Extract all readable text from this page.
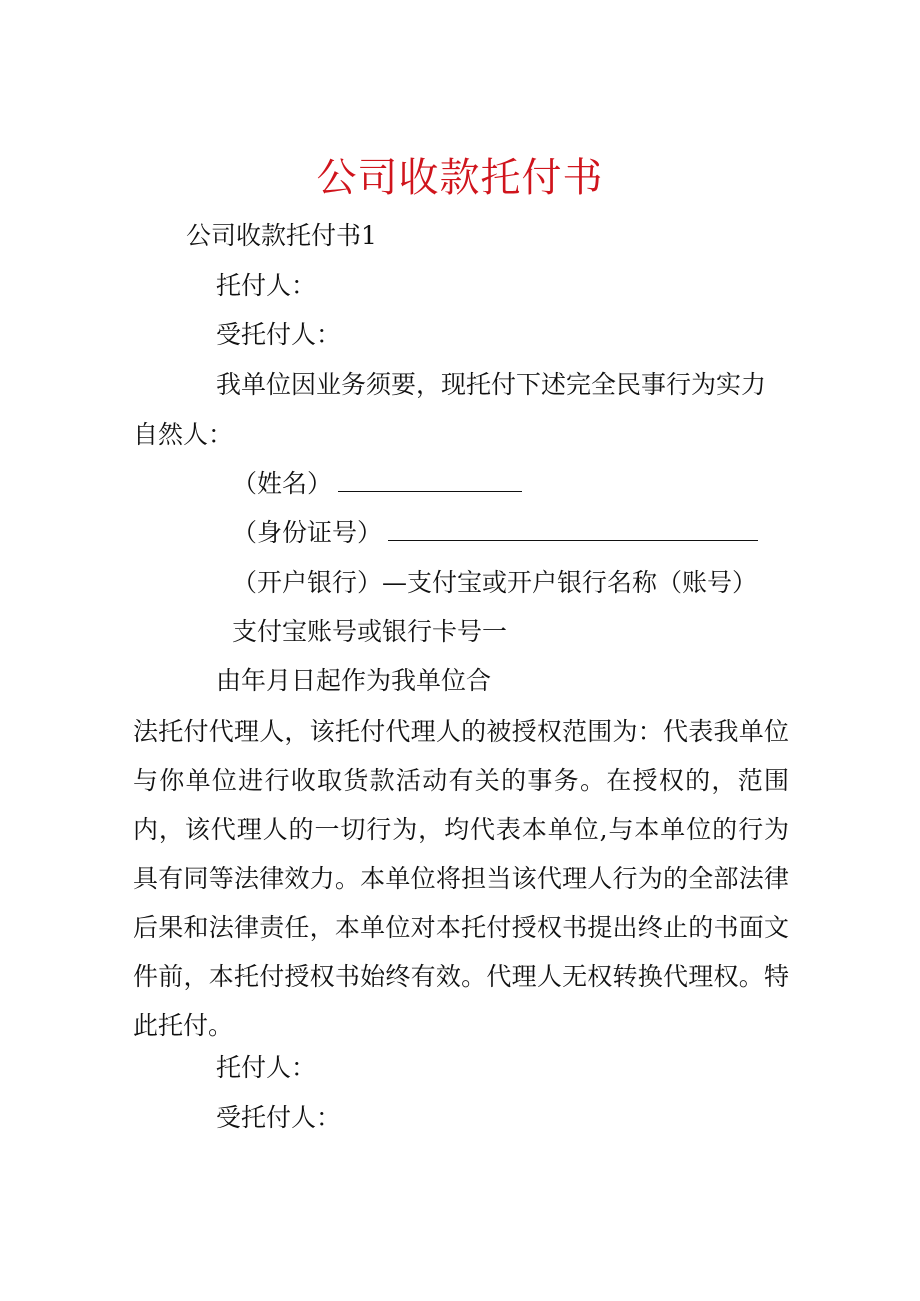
公司收款托付书
公司收款托付书1
托付人：
受托付人：
我单位因业务须要，现托付下述完全民事行为实力
自然人：
（姓名）
（身份证号）
（开户银行）—支付宝或开户银行名称（账号）
支付宝账号或银行卡号一
由年月日起作为我单位合
法托付代理人，该托付代理人的被授权范围为：代表我单位与你单位进行收取货款活动有关的事务。在授权的，范围内，该代理人的一切行为，均代表本单位,与本单位的行为具有同等法律效力。本单位将担当该代理人行为的全部法律后果和法律责任，本单位对本托付授权书提出终止的书面文件前，本托付授权书始终有效。代理人无权转换代理权。特此托付。
托付人：
受托付人：
